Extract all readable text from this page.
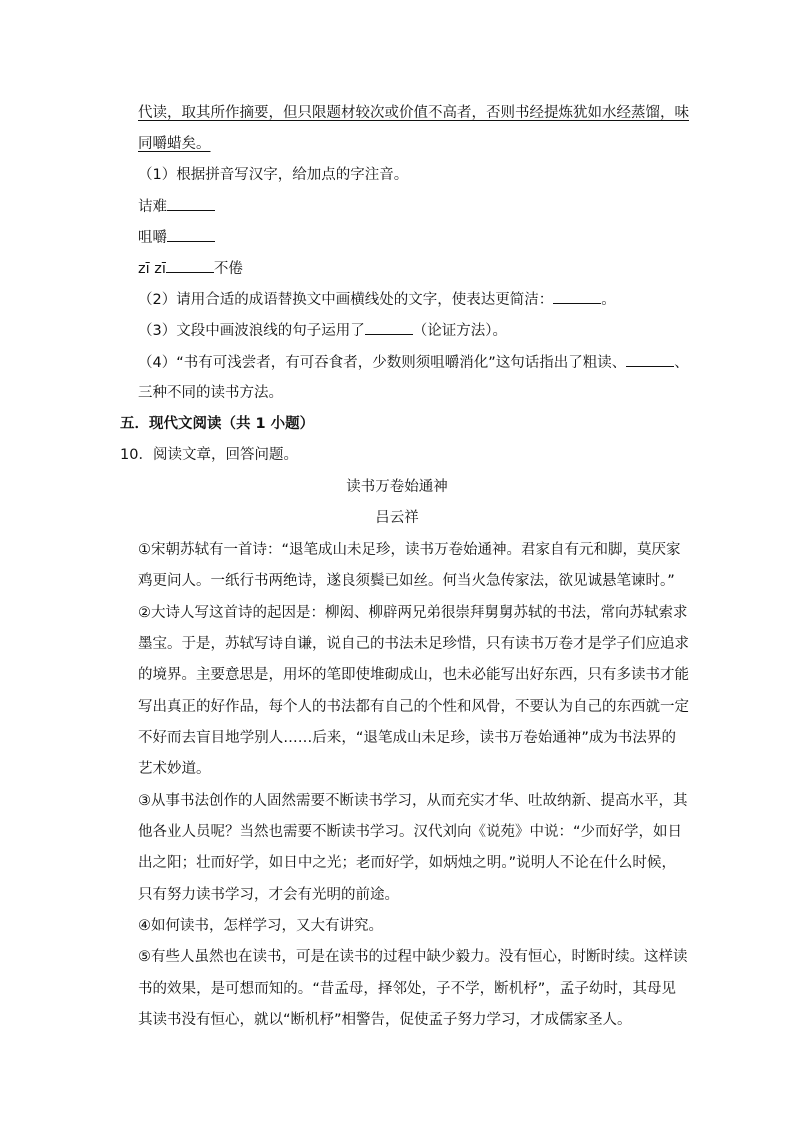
代读，取其所作摘要，但只限题材较次或价值不高者，否则书经提炼犹如水经蒸馏，味
同嚼蜡矣。
（1）根据拼音写汉字，给加点的字注音。
诘难
咀嚼
zī zī	不倦
（2）请用合适的成语替换文中画横线处的文字，使表达更简洁：	。
（3）文段中画波浪线的句子运用了	（论证方法）。
（4）“书有可浅尝者，有可吞食者，少数则须咀嚼消化”这句话指出了粗读、	、
三种不同的读书方法。
五．现代文阅读（共 1 小题）
10．阅读文章，回答问题。
读书万卷始通神
吕云祥
①宋朝苏轼有一首诗：“退笔成山未足珍，读书万卷始通神。君家自有元和脚，莫厌家
鸡更问人。一纸行书两绝诗，遂良须鬓已如丝。何当火急传家法，欲见诚悬笔谏时。”
②大诗人写这首诗的起因是：柳闳、柳辟两兄弟很崇拜舅舅苏轼的书法，常向苏轼索求
墨宝。于是，苏轼写诗自谦，说自己的书法未足珍惜，只有读书万卷才是学子们应追求
的境界。主要意思是，用坏的笔即使堆砌成山，也未必能写出好东西，只有多读书才能
写出真正的好作品，每个人的书法都有自己的个性和风骨，不要认为自己的东西就一定
不好而去盲目地学别人……后来，“退笔成山未足珍，读书万卷始通神”成为书法界的
艺术妙道。
③从事书法创作的人固然需要不断读书学习，从而充实才华、吐故纳新、提高水平，其
他各业人员呢？当然也需要不断读书学习。汉代刘向《说苑》中说：“少而好学，如日
出之阳；壮而好学，如日中之光；老而好学，如炳烛之明。”说明人不论在什么时候，
只有努力读书学习，才会有光明的前途。
④如何读书，怎样学习，又大有讲究。
⑤有些人虽然也在读书，可是在读书的过程中缺少毅力。没有恒心，时断时续。这样读
书的效果，是可想而知的。“昔孟母，择邻处，子不学，断机杼”，孟子幼时，其母见
其读书没有恒心，就以“断机杼”相警告，促使孟子努力学习，才成儒家圣人。
